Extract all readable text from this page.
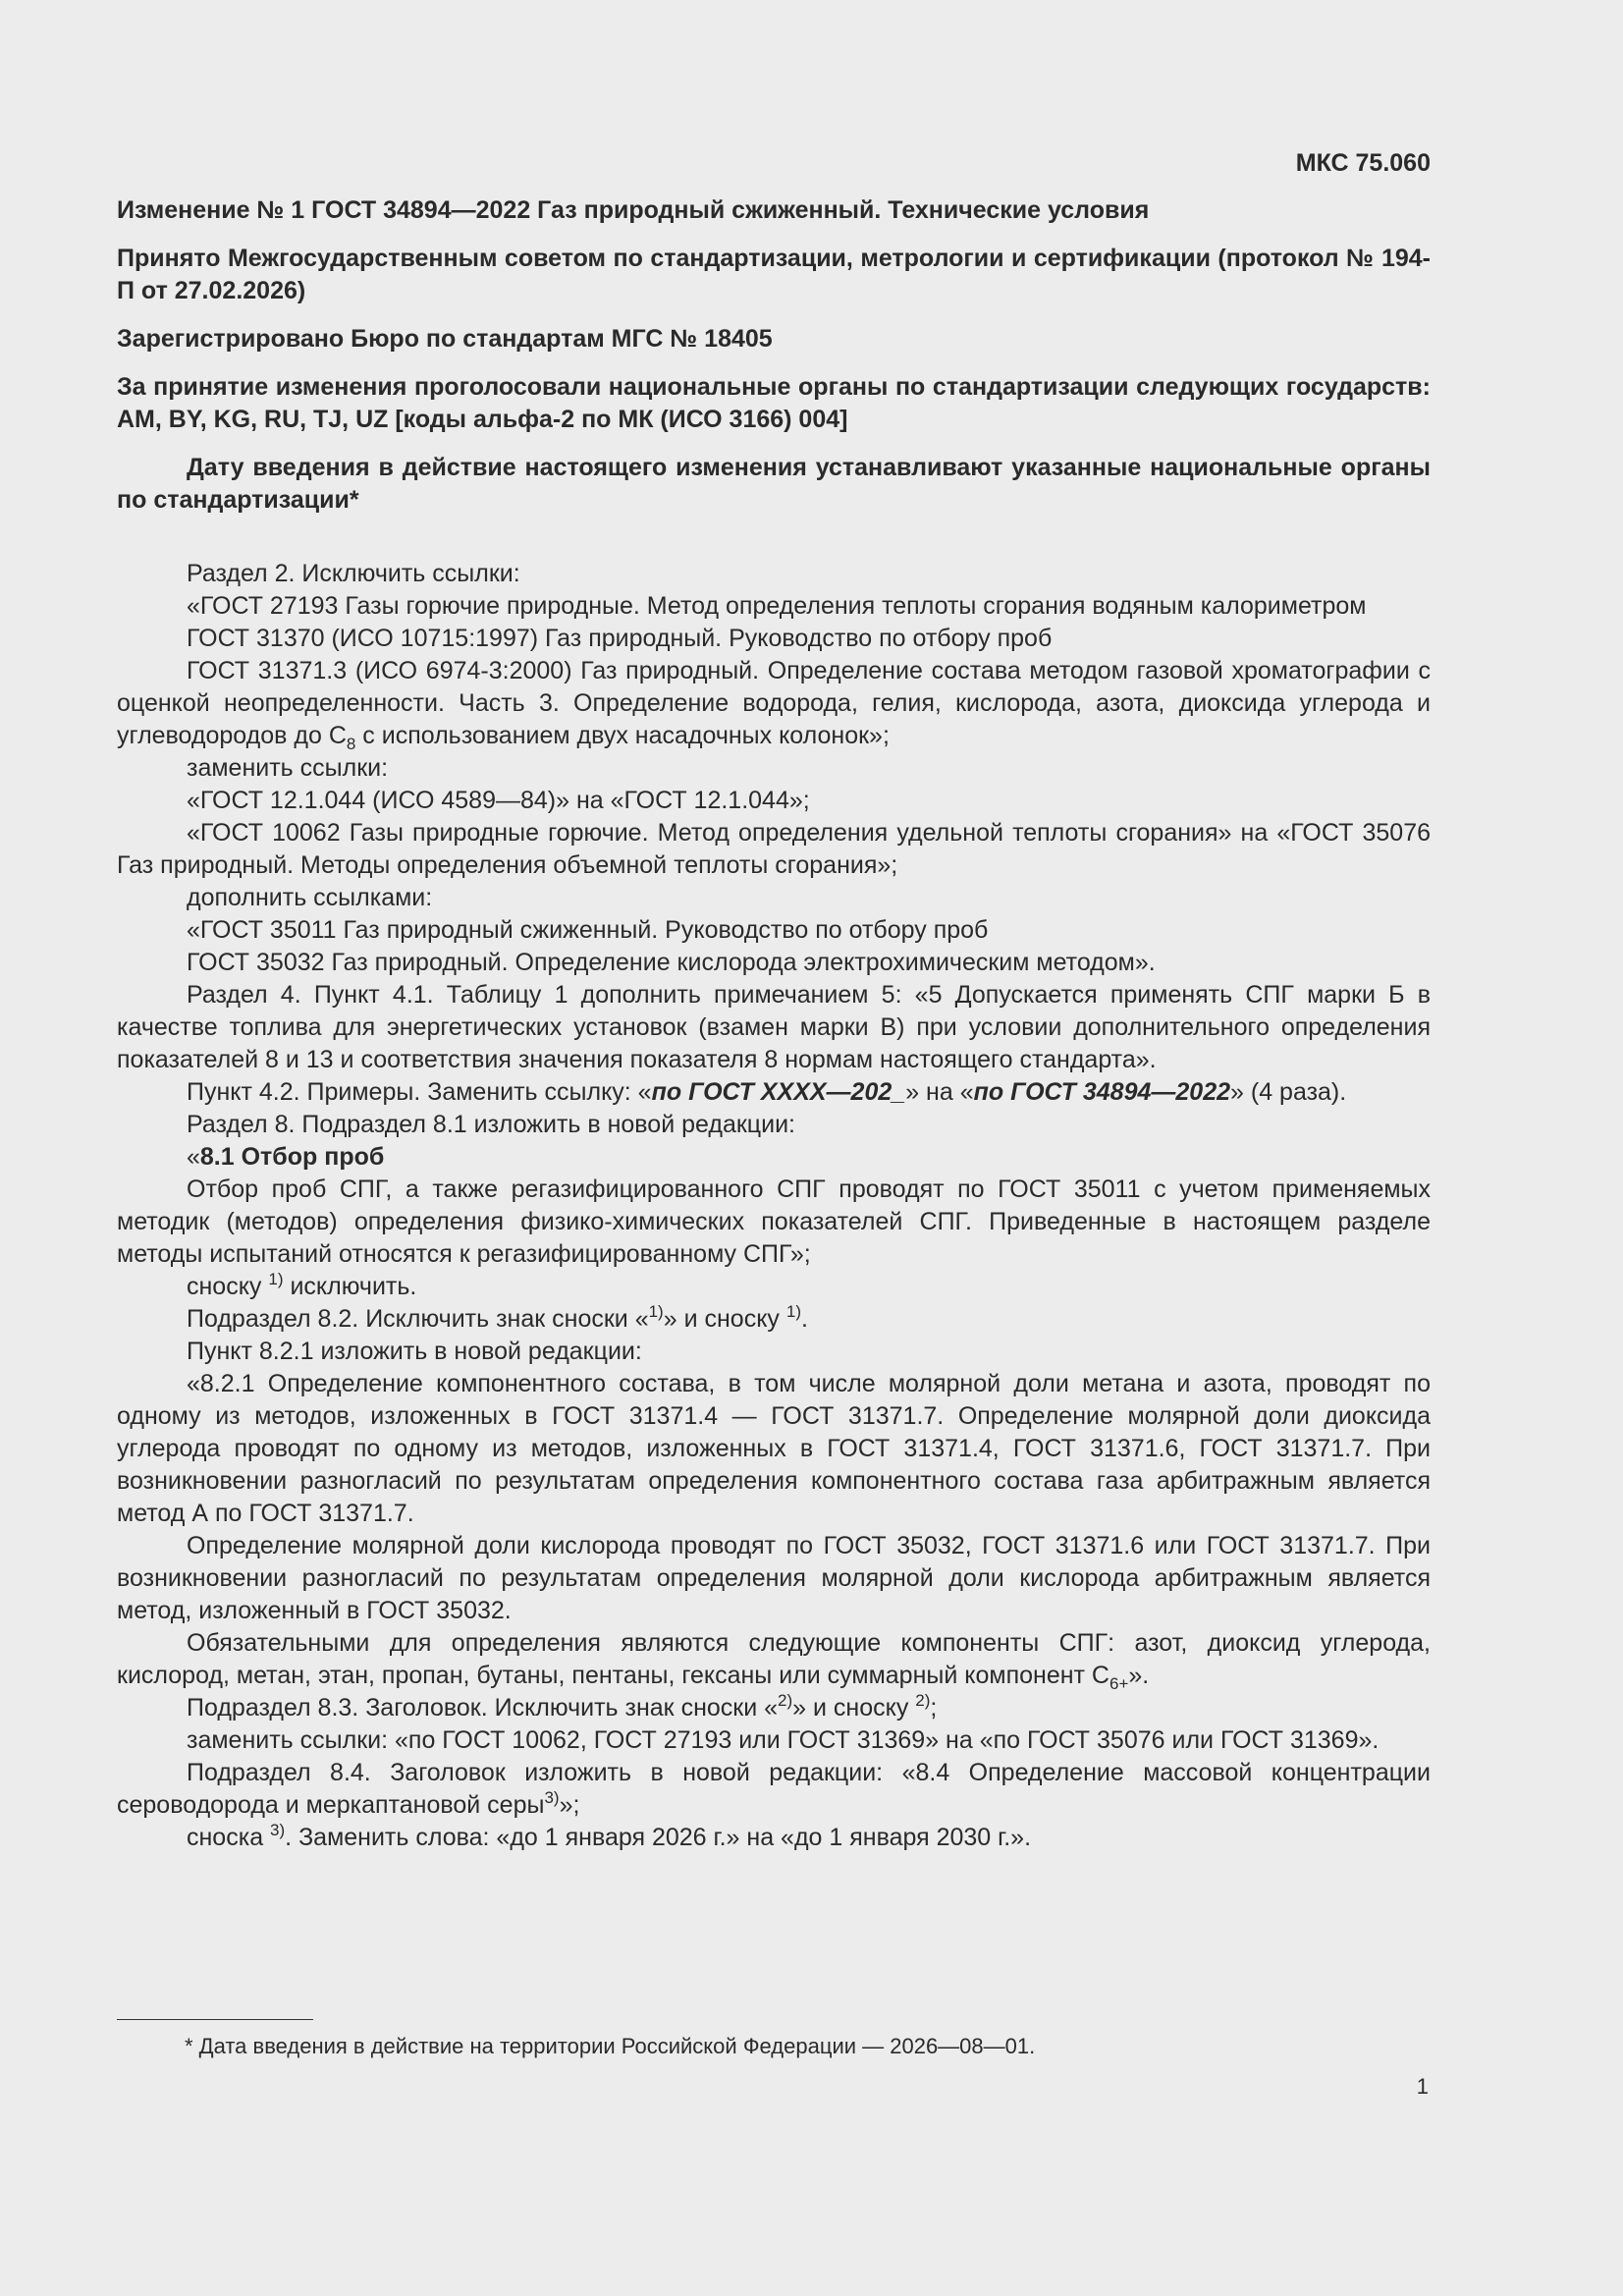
МКС 75.060
Изменение № 1 ГОСТ 34894—2022 Газ природный сжиженный. Технические условия
Принято Межгосударственным советом по стандартизации, метрологии и сертификации (протокол № 194-П от 27.02.2026)
Зарегистрировано Бюро по стандартам МГС № 18405
За принятие изменения проголосовали национальные органы по стандартизации следующих государств: AM, BY, KG, RU, TJ, UZ [коды альфа-2 по МК (ИСО 3166) 004]
Дату введения в действие настоящего изменения устанавливают указанные национальные органы по стандартизации*

Раздел 2. Исключить ссылки:

«ГОСТ 27193 Газы горючие природные. Метод определения теплоты сгорания водяным калориметром

ГОСТ 31370 (ИСО 10715:1997) Газ природный. Руководство по отбору проб

ГОСТ 31371.3 (ИСО 6974-3:2000) Газ природный. Определение состава методом газовой хроматографии с оценкой неопределенности. Часть 3. Определение водорода, гелия, кислорода, азота, диоксида углерода и углеводородов до $С_8$ с использованием двух насадочных колонок»;

заменить ссылки:

«ГОСТ 12.1.044 (ИСО 4589—84)» на «ГОСТ 12.1.044»;

«ГОСТ 10062 Газы природные горючие. Метод определения удельной теплоты сгорания» на «ГОСТ 35076 Газ природный. Методы определения объемной теплоты сгорания»;

дополнить ссылками:

«ГОСТ 35011 Газ природный сжиженный. Руководство по отбору проб

ГОСТ 35032 Газ природный. Определение кислорода электрохимическим методом».

Раздел 4. Пункт 4.1. Таблицу 1 дополнить примечанием 5: «5 Допускается применять СПГ марки Б в качестве топлива для энергетических установок (взамен марки В) при условии дополнительного определения показателей 8 и 13 и соответствия значения показателя 8 нормам настоящего стандарта».

Пункт 4.2. Примеры. Заменить ссылку: «по ГОСТ ХХХХ—202_» на «по ГОСТ 34894—2022» (4 раза).

Раздел 8. Подраздел 8.1 изложить в новой редакции:

«8.1 Отбор проб

Отбор проб СПГ, а также регазифицированного СПГ проводят по ГОСТ 35011 с учетом применяемых методик (методов) определения физико-химических показателей СПГ. Приведенные в настоящем разделе методы испытаний относятся к регазифицированному СПГ»;

сноску $^{1)}$ исключить.

Подраздел 8.2. Исключить знак сноски «$^{1)}$» и сноску $^{1)}$.

Пункт 8.2.1 изложить в новой редакции:

«8.2.1 Определение компонентного состава, в том числе молярной доли метана и азота, проводят по одному из методов, изложенных в ГОСТ 31371.4 — ГОСТ 31371.7. Определение молярной доли диоксида углерода проводят по одному из методов, изложенных в ГОСТ 31371.4, ГОСТ 31371.6, ГОСТ 31371.7. При возникновении разногласий по результатам определения компонентного состава газа арбитражным является метод А по ГОСТ 31371.7.

Определение молярной доли кислорода проводят по ГОСТ 35032, ГОСТ 31371.6 или ГОСТ 31371.7. При возникновении разногласий по результатам определения молярной доли кислорода арбитражным является метод, изложенный в ГОСТ 35032.

Обязательными для определения являются следующие компоненты СПГ: азот, диоксид углерода, кислород, метан, этан, пропан, бутаны, пентаны, гексаны или суммарный компонент $С_{6+}$».

Подраздел 8.3. Заголовок. Исключить знак сноски «$^{2)}$» и сноску $^{2)}$;

заменить ссылки: «по ГОСТ 10062, ГОСТ 27193 или ГОСТ 31369» на «по ГОСТ 35076 или ГОСТ 31369».

Подраздел 8.4. Заголовок изложить в новой редакции: «8.4 Определение массовой концентрации сероводорода и меркаптановой серы$^{3)}$»;

сноска $^{3)}$. Заменить слова: «до 1 января 2026 г.» на «до 1 января 2030 г.».

* Дата введения в действие на территории Российской Федерации — 2026—08—01.
1
